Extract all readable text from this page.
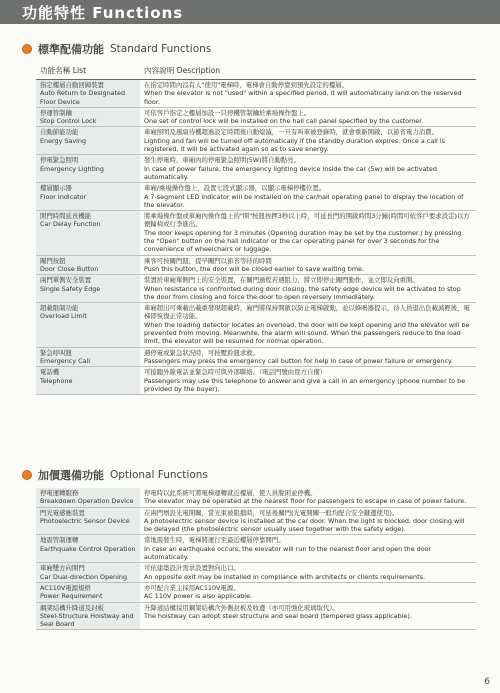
功能特性 Functions
標準配備功能 Standard Functions
功能名稱 List	內容說明 Description

指定樓層自動回歸裝置
Auto Return to Designated Floor Device	在指定時間內沒有人"使用"電梯時，電梯會自動停靠到預先設定的樓層。
When the elevator is not "used" within a specified period, it will automatically land on the reserved floor.

停運管制鑰
Stop Control Lock	可依客戶指定之樓層加設一只停機管制鑰於乘場操作盤上。
One set of control lock will be installed on the hall call panel specified by the customer.

自動節能功能
Energy Saving	車廂照明及風扇待機超過設定時間後自動熄滅，一旦有叫車被登錄時，就會重新開啟，以節省電力消費。
Lighting and fan will be turned off automatically if the standby duration expires. Once a call is registered, it will be activated again so as to save energy.

停電緊急照明
Emergency Lighting	發生停電時，車廂內的停電緊急照明(5W)將自動點亮。
In case of power failure, the emergency lighting device inside the car (5w) will be activated automatically.

樓層顯示器
Floor Indicator	車廂/乘場操作盤上，設置七段式顯示器，以顯示電梯停樓位置。
A 7-segment LED indicator will be installed on the car/hall operating panel to display the location of the elevator.

開門時間延長機能
Car Delay Function	將乘場操作盤或車廂內操作盤上的"開"按鈕按押3秒以上時，可延長門的開啟時間3分鐘(時間可依客戶要求設定)以方便輪椅或行李進出。
The door keeps opening for 3 minutes (Opening duration may be set by the customer.) by pressing the "Open" button on the hall indicator or the car operating panel for over 3 seconds for the convenience of wheelchairs or luggage.

關門按鈕
Door Close Button	乘客可按關門鈕，提早關門以節省等待的時間
Push this button, the door will be closed earlier to save waiting time.

兩門單側安全裝置
Single Safety Edge	裝置於車廂單側門上的安全裝置，在關門過程若遇阻力，將立即停止關門動作，並立即反向重開。
When resistance is confronted during door closing, the safety edge device will be activated to stop the door from closing and force the door to open reversely immediately.

超載限制功能
Overload Limit	車廂超出可乘載出載重發現超載時，廂門將保持開啟以防止電梯啟動，並以蜂鳴器提示，待人員退出負載減輕後，電梯即恢復正常功能。
When the loading detector locates an overload, the door will be kept opening and the elevator will be prevented from moving. Meanwhile, the alarm will sound. When the passengers reduce to the load limit, the elevator will be resumed for normal operation.

緊急呼叫鈕
Emergency Call	遇停電或緊急狀況時，可按壓鈴鈕求救。
Passengers may press the emergency call button for help in case of power failure or emergency.

電話機
Telephone	可接聽外線電話並緊急時可與外部聯絡。（電話門號由買方自備）
Passengers may use this telephone to answer and give a call in an emergency (phone number to be provided by the buyer).
加價選備功能 Optional Functions
停電運轉服務
Breakdown Operation Device	停電時以此系統可將電梯運轉就近樓層，使人員脫困並停機。
The elevator may be operated at the nearest floor for passengers to escape in case of power failure.

門光電感應裝置
Photoelectric Sensor Device	在兩門增設光電開關，當光束被阻擋時，可延後關門(光電開關一般均配合安全鍵邊使用)。
A photoelectric sensor device is installed at the car door. When the light is blocked, door closing will be delayed (the photoelectric sensor usually used together with the safety edge).

地震管制運轉
Earthquake Control Operation	當地震發生時，電梯將運行至最近樓層停靠開門。
In case an earthquake occurs, the elevator will run to the nearest floor and open the door automatically.

車廂雙方向開門
Car Dual-direction Opening	可依建築設計需求設置對向出口。
An opposite exit may be installed in compliance with architects or clients requirements.

AC110V電源規格
Power Requirement	亦可配合業主採用AC110V電源。
AC 110V power is also applicable.

鋼架結構升降道及封板
Steel-Structure Hoistway and Seal Board	升降道結構採用鋼架結構含外側封板及收邊（亦可用強化玻璃取代）。
The hoistway can adopt steel structure and seal board (tempered glass applicable).
6
